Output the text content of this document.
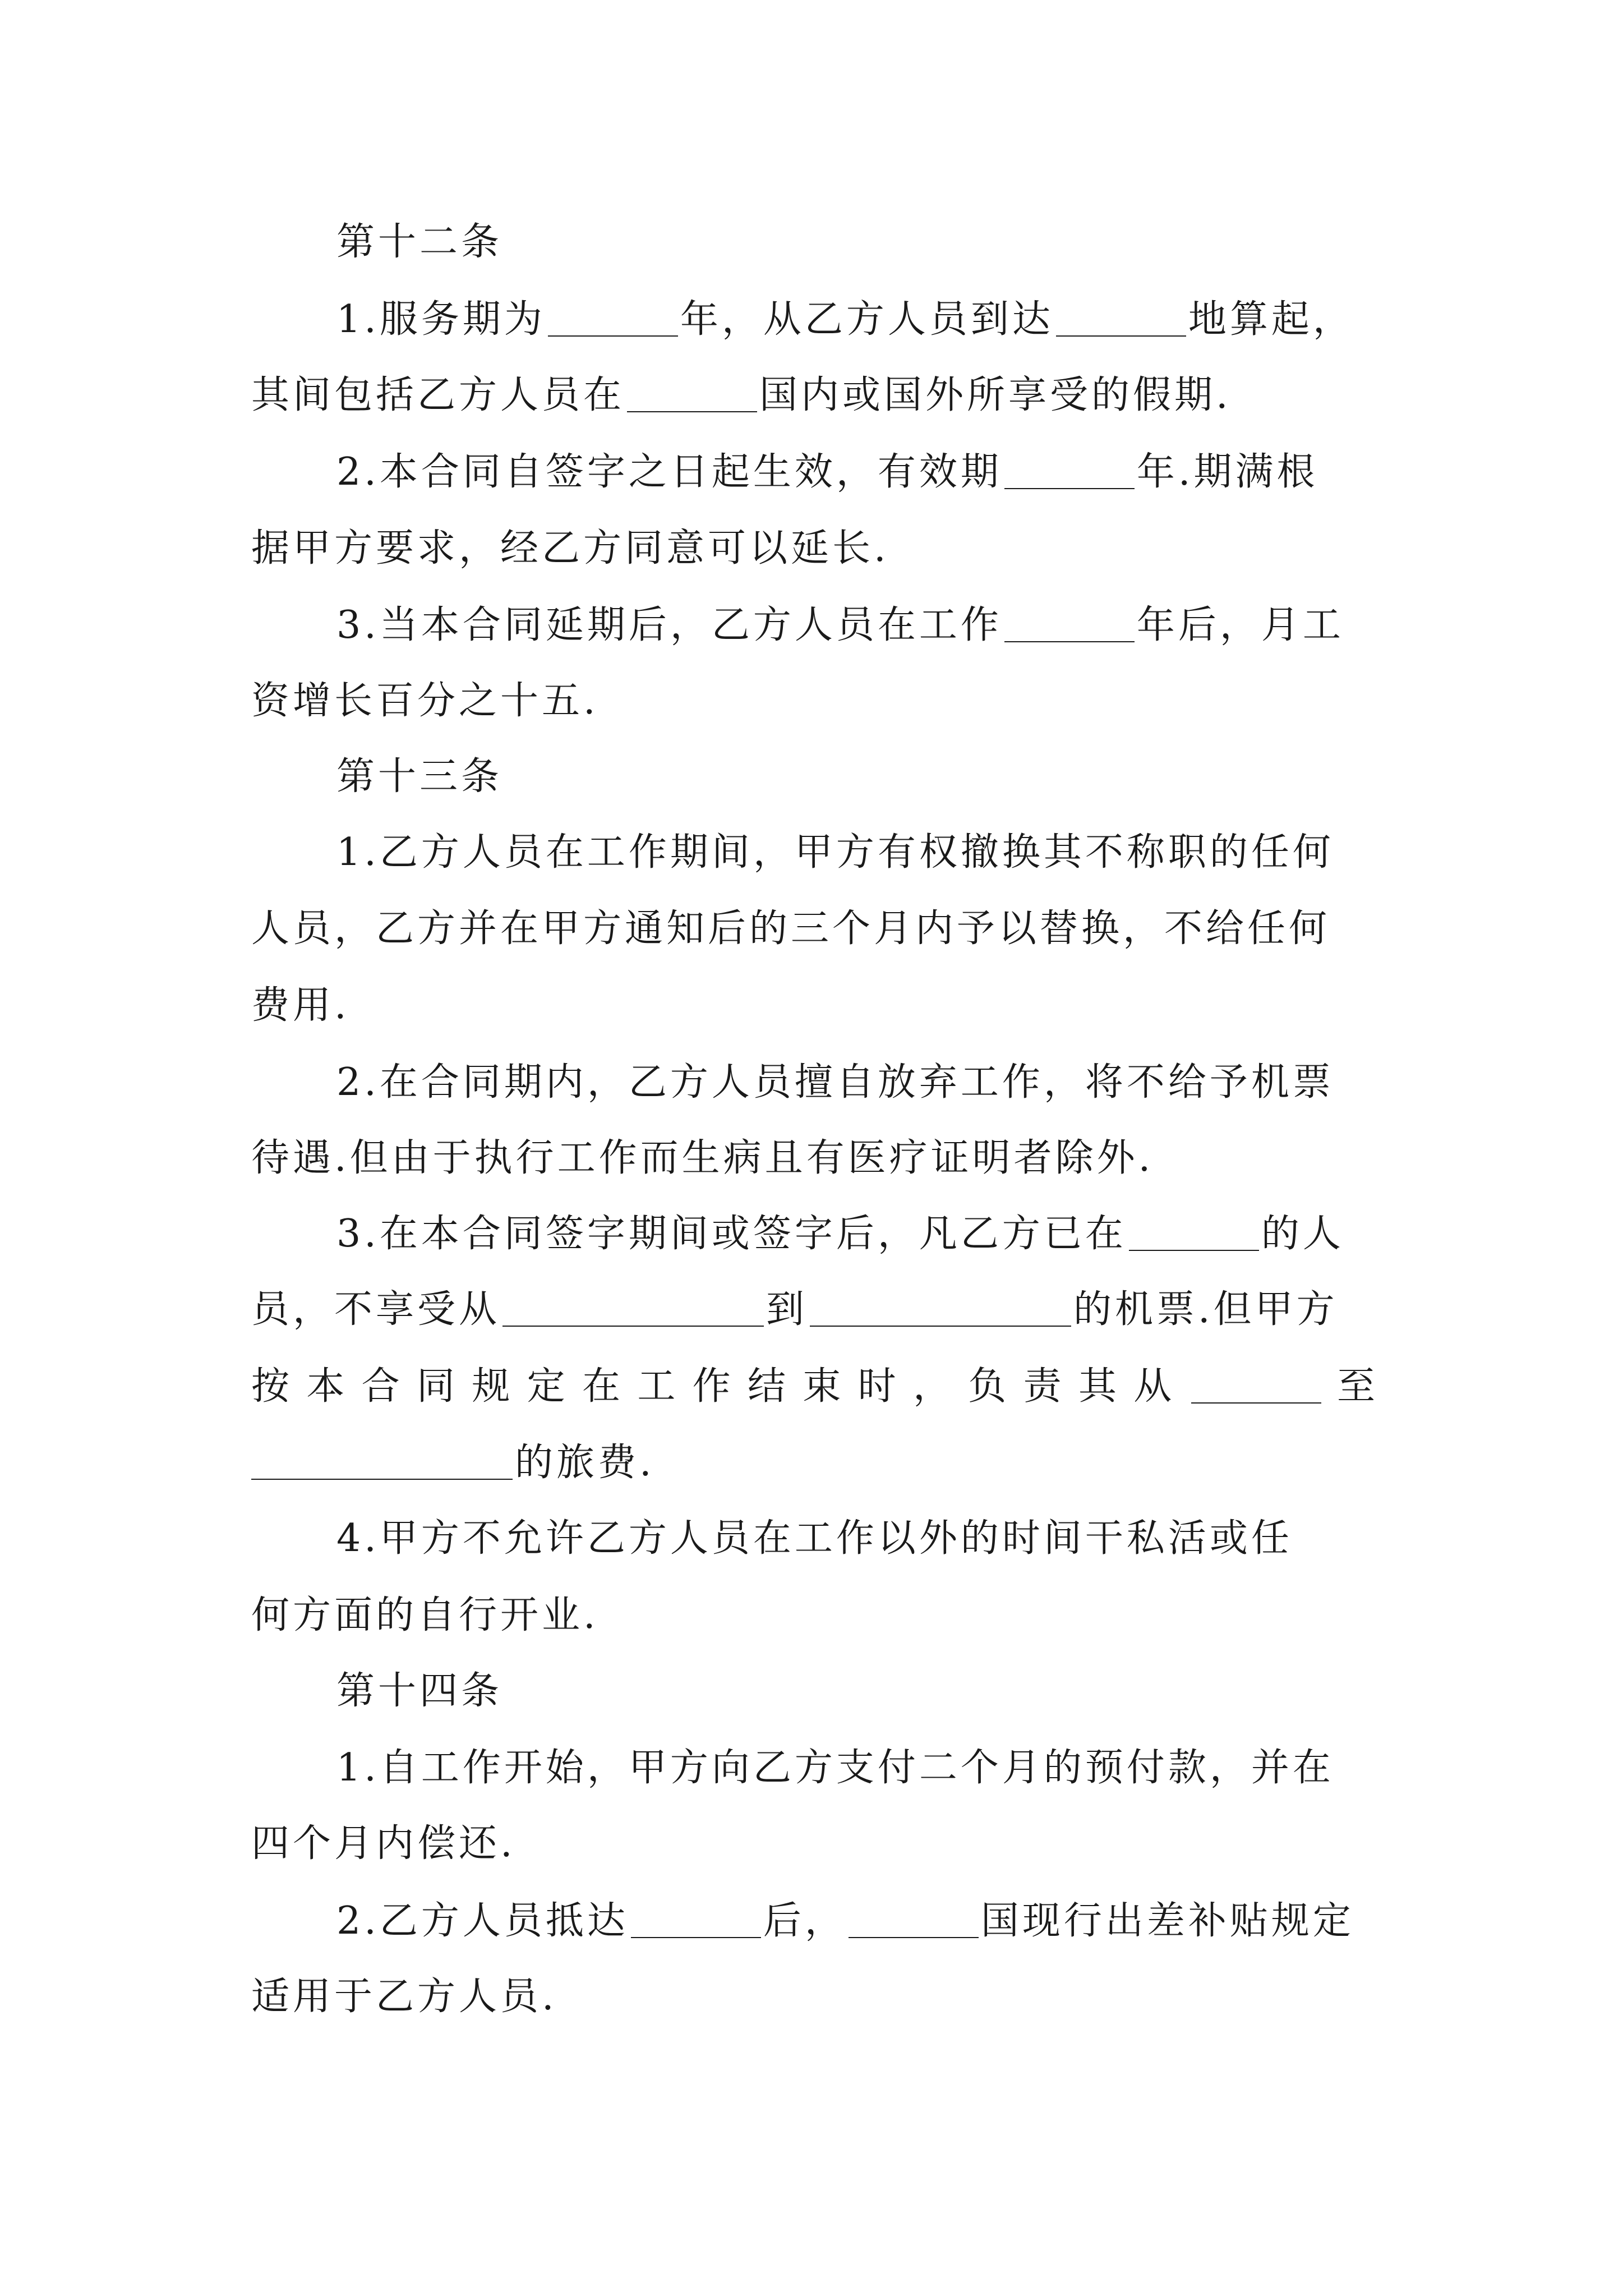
第十二条
1.服务期为	年，从乙方人员到达	地算起，
其间包括乙方人员在	国内或国外所享受的假期.
2.本合同自签字之日起生效，有效期	年.期满根
据甲方要求，经乙方同意可以延长.
3.当本合同延期后，乙方人员在工作	年后，月工
资增长百分之十五.
第十三条
1.乙方人员在工作期间，甲方有权撤换其不称职的任何
人员，乙方并在甲方通知后的三个月内予以替换，不给任何
费用.
2.在合同期内，乙方人员擅自放弃工作，将不给予机票
待遇.但由于执行工作而生病且有医疗证明者除外.
3.在本合同签字期间或签字后，凡乙方已在	的人
员，不享受从	到	的机票.但甲方
按本合同规定在工作结束时，负责其从	至
的旅费.
4.甲方不允许乙方人员在工作以外的时间干私活或任
何方面的自行开业.
第十四条
1.自工作开始，甲方向乙方支付二个月的预付款，并在
四个月内偿还.
2.乙方人员抵达	后，	国现行出差补贴规定
适用于乙方人员.
